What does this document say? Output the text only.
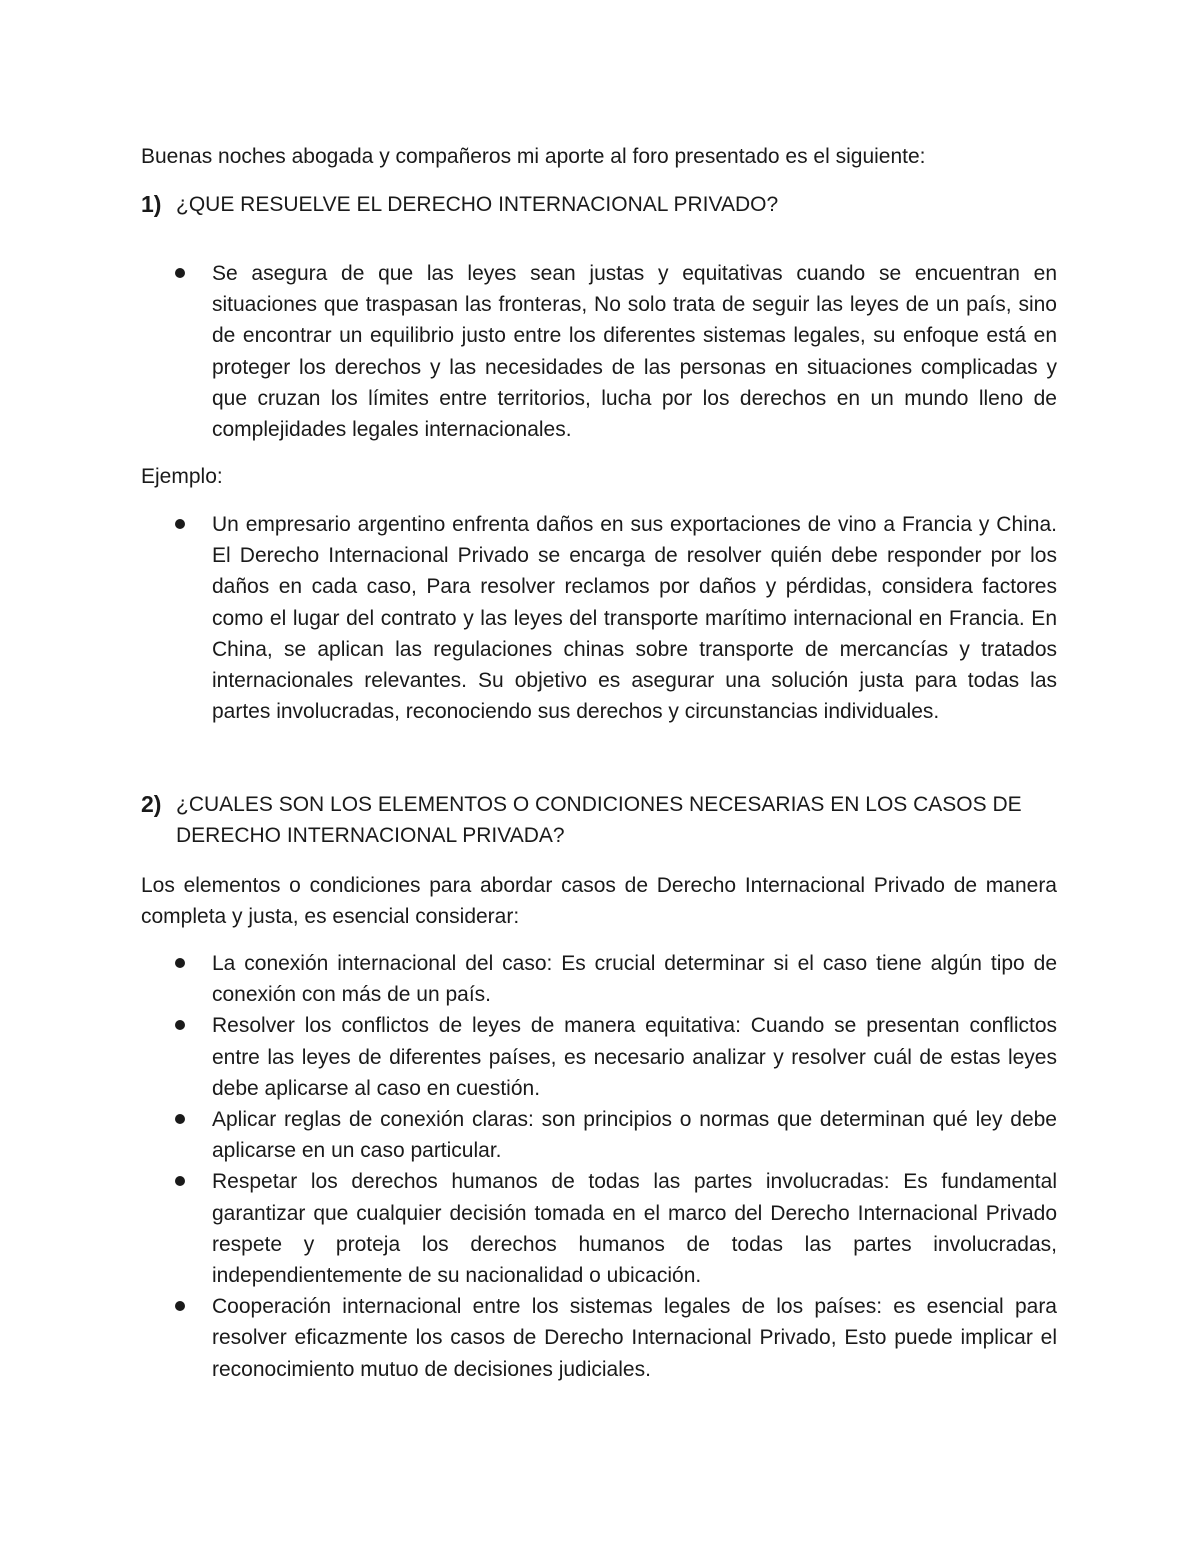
Buenas noches abogada y compañeros mi aporte al foro presentado es el siguiente:

1) ¿QUE RESUELVE EL DERECHO INTERNACIONAL PRIVADO?
Se asegura de que las leyes sean justas y equitativas cuando se encuentran en situaciones que traspasan las fronteras, No solo trata de seguir las leyes de un país, sino de encontrar un equilibrio justo entre los diferentes sistemas legales, su enfoque está en proteger los derechos y las necesidades de las personas en situaciones complicadas y que cruzan los límites entre territorios, lucha por los derechos en un mundo lleno de complejidades legales internacionales.

Ejemplo:

Un empresario argentino enfrenta daños en sus exportaciones de vino a Francia y China. El Derecho Internacional Privado se encarga de resolver quién debe responder por los daños en cada caso, Para resolver reclamos por daños y pérdidas, considera factores como el lugar del contrato y las leyes del transporte marítimo internacional en Francia. En China, se aplican las regulaciones chinas sobre transporte de mercancías y tratados internacionales relevantes. Su objetivo es asegurar una solución justa para todas las partes involucradas, reconociendo sus derechos y circunstancias individuales.
2) ¿CUALES SON LOS ELEMENTOS O CONDICIONES NECESARIAS EN LOS CASOS DE DERECHO INTERNACIONAL PRIVADA?

Los elementos o condiciones para abordar casos de Derecho Internacional Privado de manera completa y justa, es esencial considerar:

La conexión internacional del caso: Es crucial determinar si el caso tiene algún tipo de conexión con más de un país.
Resolver los conflictos de leyes de manera equitativa: Cuando se presentan conflictos entre las leyes de diferentes países, es necesario analizar y resolver cuál de estas leyes debe aplicarse al caso en cuestión.
Aplicar reglas de conexión claras: son principios o normas que determinan qué ley debe aplicarse en un caso particular.
Respetar los derechos humanos de todas las partes involucradas: Es fundamental garantizar que cualquier decisión tomada en el marco del Derecho Internacional Privado respete y proteja los derechos humanos de todas las partes involucradas, independientemente de su nacionalidad o ubicación.
Cooperación internacional entre los sistemas legales de los países: es esencial para resolver eficazmente los casos de Derecho Internacional Privado, Esto puede implicar el reconocimiento mutuo de decisiones judiciales.
